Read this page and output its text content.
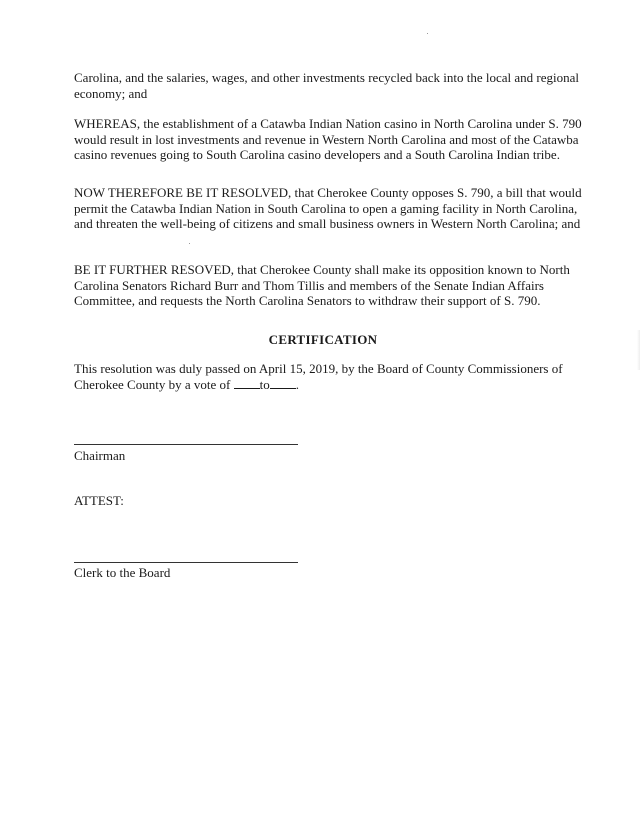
Carolina, and the salaries, wages, and other investments recycled back into the local and regional economy; and

WHEREAS, the establishment of a Catawba Indian Nation casino in North Carolina under S. 790 would result in lost investments and revenue in Western North Carolina and most of the Catawba casino revenues going to South Carolina casino developers and a South Carolina Indian tribe.

NOW THEREFORE BE IT RESOLVED, that Cherokee County opposes S. 790, a bill that would permit the Catawba Indian Nation in South Carolina to open a gaming facility in North Carolina, and threaten the well-being of citizens and small business owners in Western North Carolina; and

BE IT FURTHER RESOVED, that Cherokee County shall make its opposition known to North Carolina Senators Richard Burr and Thom Tillis and members of the Senate Indian Affairs Committee, and requests the North Carolina Senators to withdraw their support of S. 790.

CERTIFICATION
This resolution was duly passed on April 15, 2019, by the Board of County Commissioners of Cherokee County by a vote of to .
Chairman
ATTEST:
Clerk to the Board
